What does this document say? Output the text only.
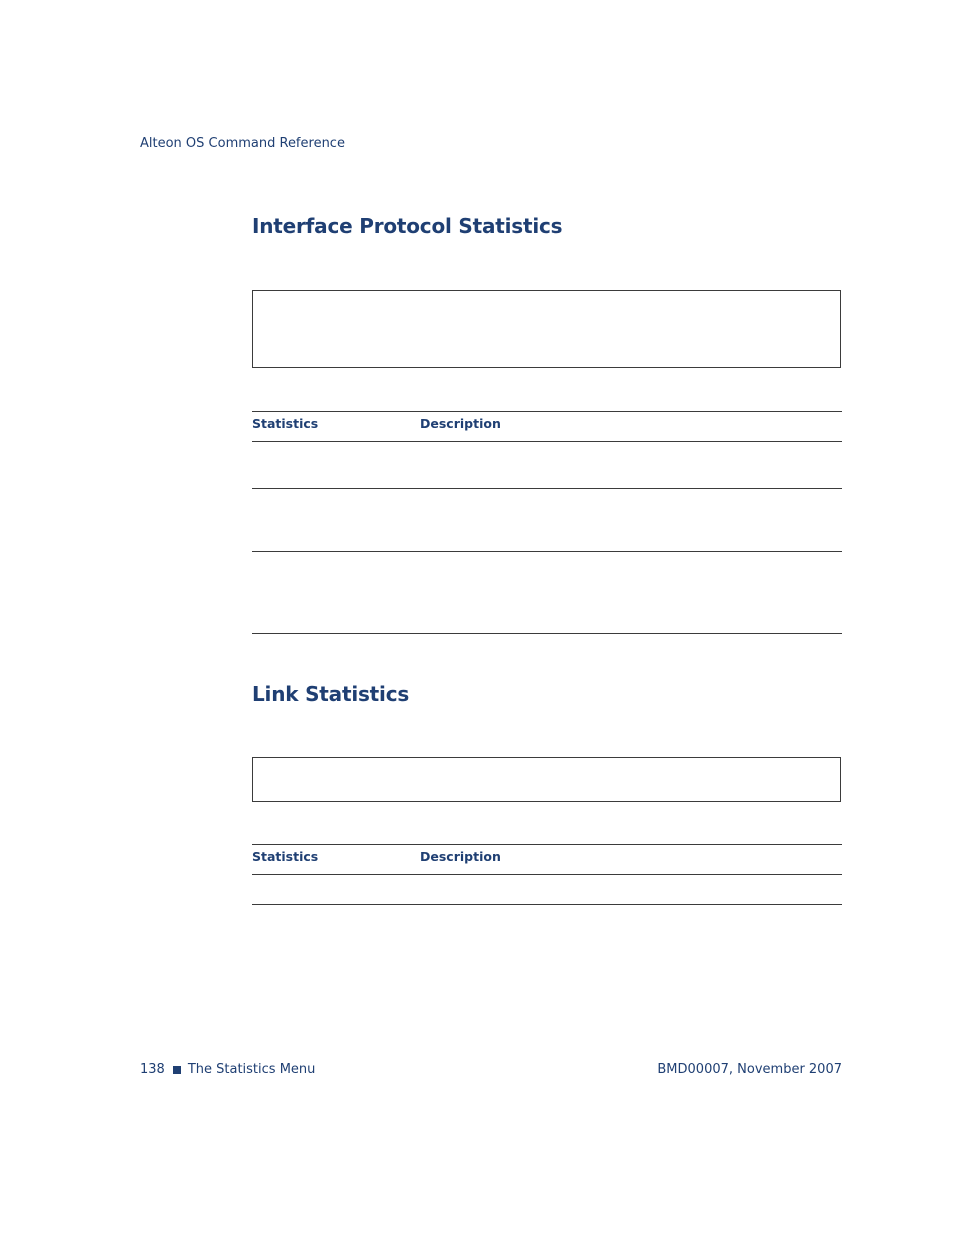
Alteon OS Command Reference
Interface Protocol Statistics
Statistics	Description
Link Statistics
Statistics	Description
138 The Statistics Menu	BMD00007, November 2007
